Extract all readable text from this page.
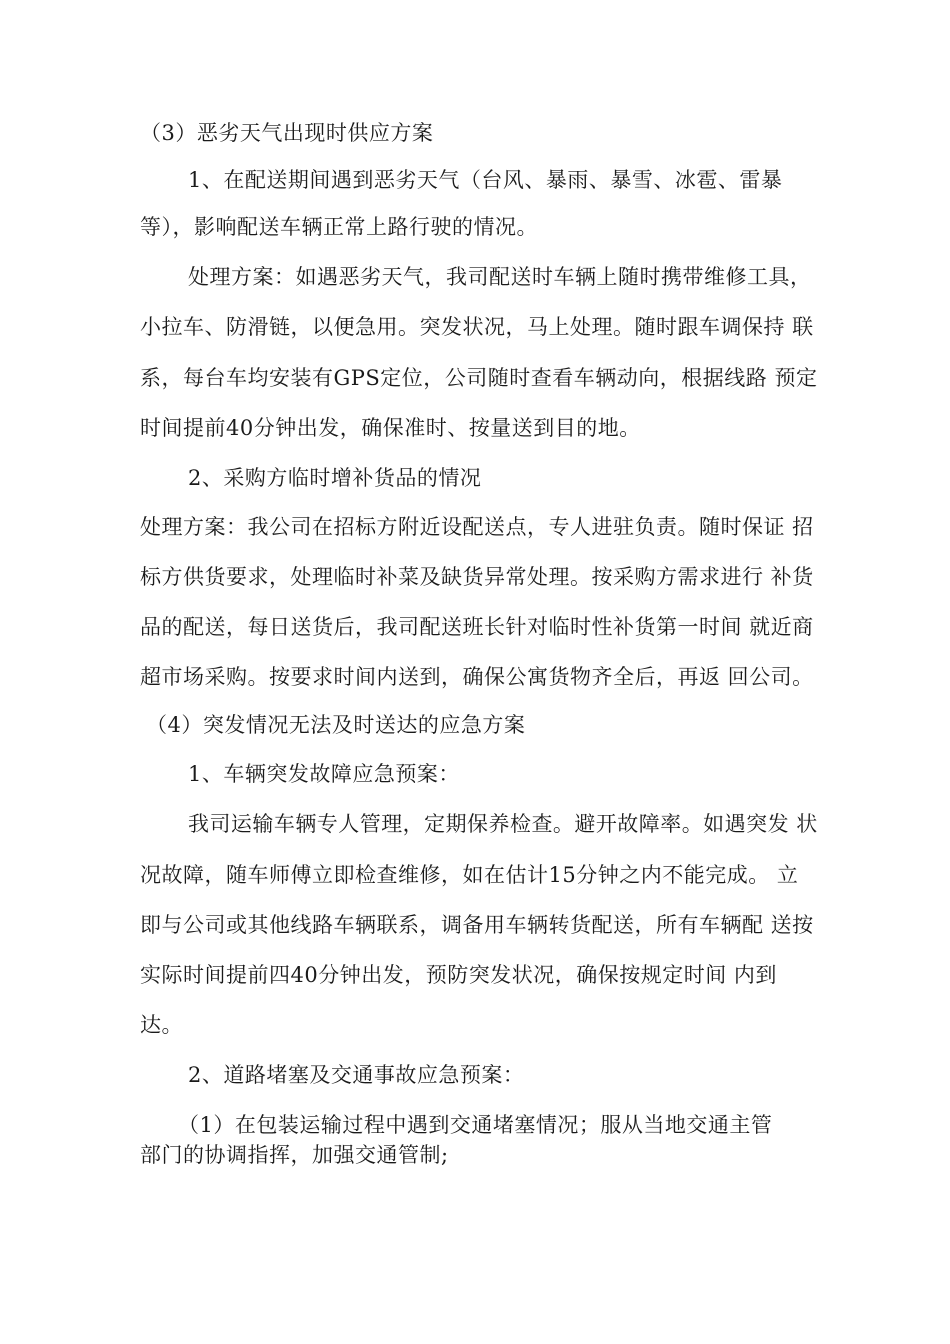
（3）恶劣天气出现时供应方案
1、在配送期间遇到恶劣天气（台风、暴雨、暴雪、冰雹、雷暴
等），影响配送车辆正常上路行驶的情况。
处理方案：如遇恶劣天气，我司配送时车辆上随时携带维修工具，
小拉车、防滑链，以便急用。突发状况，马上处理。随时跟车调保持 联
系，每台车均安装有GPS定位，公司随时查看车辆动向，根据线路 预定
时间提前40分钟出发，确保准时、按量送到目的地。
2、采购方临时增补货品的情况
处理方案：我公司在招标方附近设配送点，专人进驻负责。随时保证 招
标方供货要求，处理临时补菜及缺货异常处理。按采购方需求进行 补货
品的配送，每日送货后，我司配送班长针对临时性补货第一时间 就近商
超市场采购。按要求时间内送到，确保公寓货物齐全后，再返 回公司。
（4）突发情况无法及时送达的应急方案
1、车辆突发故障应急预案：
我司运输车辆专人管理，定期保养检查。避开故障率。如遇突发 状
况故障，随车师傅立即检查维修，如在估计15分钟之内不能完成。 立
即与公司或其他线路车辆联系，调备用车辆转货配送，所有车辆配 送按
实际时间提前四40分钟出发，预防突发状况，确保按规定时间 内到
达。
2、道路堵塞及交通事故应急预案：
（1）在包装运输过程中遇到交通堵塞情况；服从当地交通主管
部门的协调指挥，加强交通管制;
